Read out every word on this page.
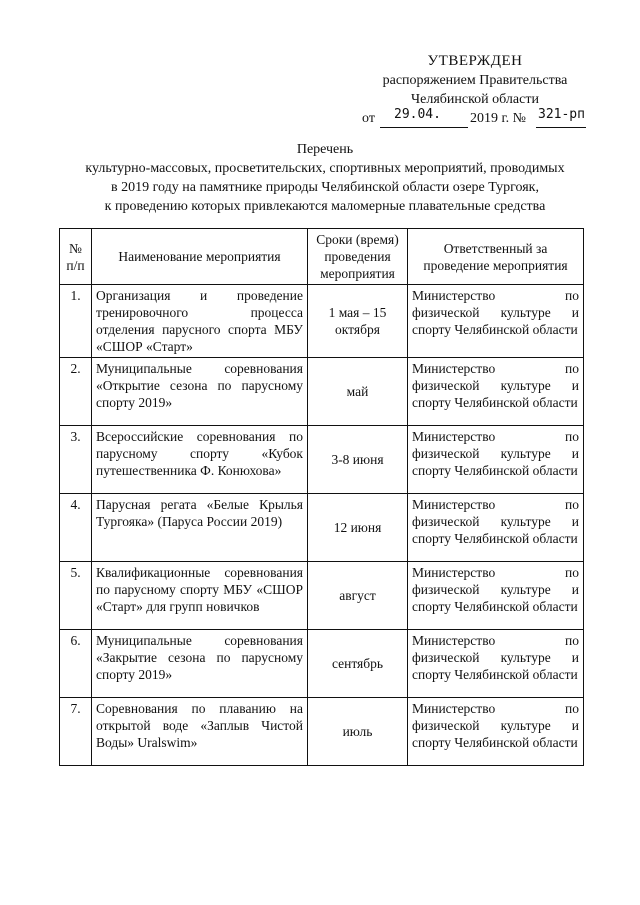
УТВЕРЖДЕН
распоряжением Правительства
Челябинской области
от 29.04. 2019 г. № 321-рп
Перечень
культурно-массовых, просветительских, спортивных мероприятий, проводимых
в 2019 году на памятнике природы Челябинской области озере Тургояк,
к проведению которых привлекаются маломерные плавательные средства
№ п/п	Наименование мероприятия	Сроки (время) проведения мероприятия	Ответственный за проведение мероприятия
1.	Организация и проведение тренировочного процесса отделения парусного спорта МБУ «СШОР «Старт»	1 мая – 15 октября	Министерство по физической культуре и спорту Челябинской области
2.	Муниципальные соревнования «Открытие сезона по парусному спорту 2019»	май	Министерство по физической культуре и спорту Челябинской области
3.	Всероссийские соревнования по парусному спорту «Кубок путешественника Ф. Конюхова»	3-8 июня	Министерство по физической культуре и спорту Челябинской области
4.	Парусная регата «Белые Крылья Тургояка» (Паруса России 2019)	12 июня	Министерство по физической культуре и спорту Челябинской области
5.	Квалификационные соревнования по парусному спорту МБУ «СШОР «Старт» для групп новичков	август	Министерство по физической культуре и спорту Челябинской области
6.	Муниципальные соревнования «Закрытие сезона по парусному спорту 2019»	сентябрь	Министерство по физической культуре и спорту Челябинской области
7.	Соревнования по плаванию на открытой воде «Заплыв Чистой Воды» Uralswim»	июль	Министерство по физической культуре и спорту Челябинской области
